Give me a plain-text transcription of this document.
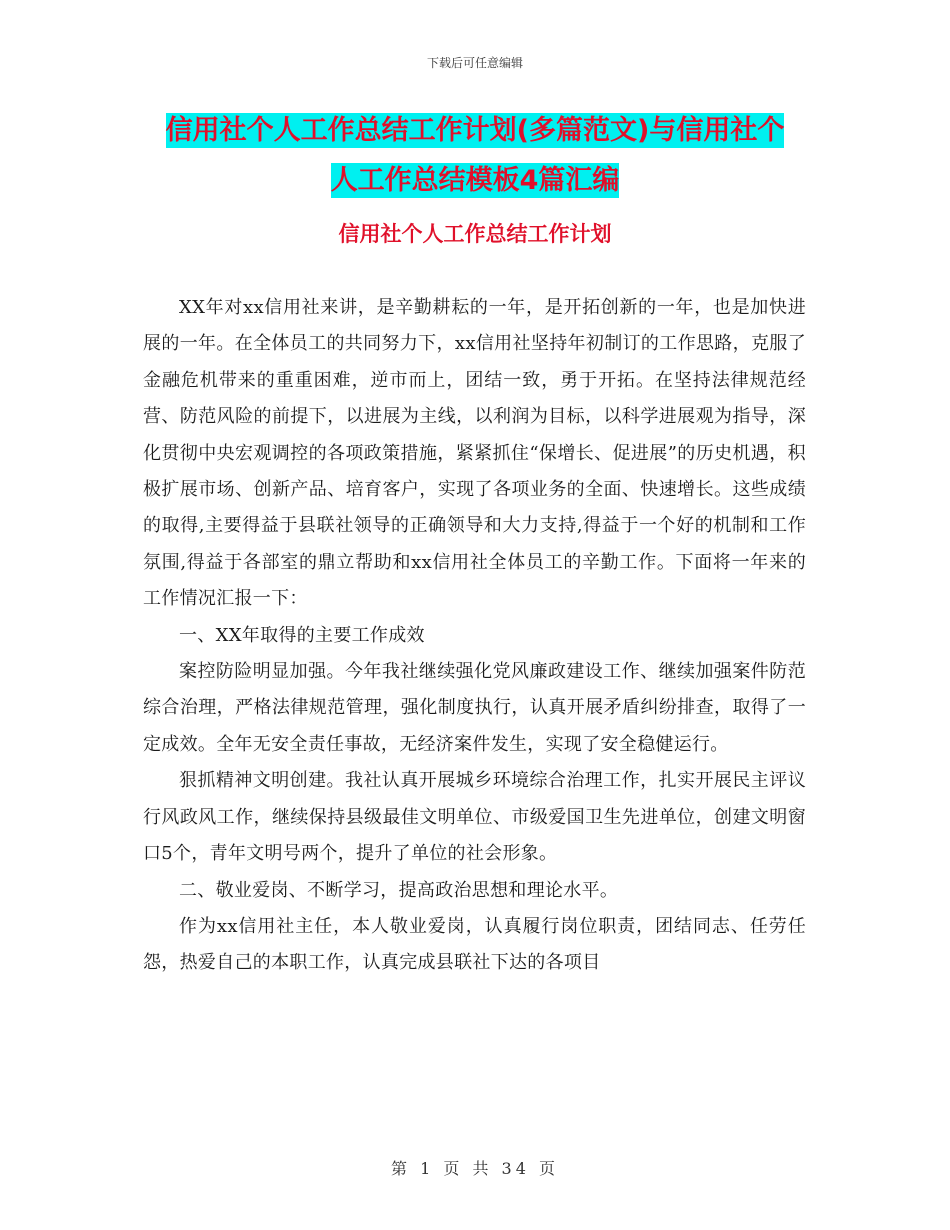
下载后可任意编辑
信用社个人工作总结工作计划(多篇范文)与信用社个
人工作总结模板4篇汇编
信用社个人工作总结工作计划

XX年对xx信用社来讲，是辛勤耕耘的一年，是开拓创新的一年，也是加快进展的一年。在全体员工的共同努力下，xx信用社坚持年初制订的工作思路，克服了金融危机带来的重重困难，逆市而上，团结一致，勇于开拓。在坚持法律规范经营、防范风险的前提下，以进展为主线，以利润为目标，以科学进展观为指导，深化贯彻中央宏观调控的各项政策措施，紧紧抓住“保增长、促进展”的历史机遇，积极扩展市场、创新产品、培育客户，实现了各项业务的全面、快速增长。这些成绩的取得,主要得益于县联社领导的正确领导和大力支持,得益于一个好的机制和工作氛围,得益于各部室的鼎立帮助和xx信用社全体员工的辛勤工作。下面将一年来的工作情况汇报一下：

一、XX年取得的主要工作成效

案控防险明显加强。今年我社继续强化党风廉政建设工作、继续加强案件防范综合治理，严格法律规范管理，强化制度执行，认真开展矛盾纠纷排查，取得了一定成效。全年无安全责任事故，无经济案件发生，实现了安全稳健运行。

狠抓精神文明创建。我社认真开展城乡环境综合治理工作，扎实开展民主评议行风政风工作，继续保持县级最佳文明单位、市级爱国卫生先进单位，创建文明窗口5个，青年文明号两个，提升了单位的社会形象。

二、敬业爱岗、不断学习，提高政治思想和理论水平。

作为xx信用社主任，本人敬业爱岗，认真履行岗位职责，团结同志、任劳任怨，热爱自己的本职工作，认真完成县联社下达的各项目

第 1 页 共 34 页
